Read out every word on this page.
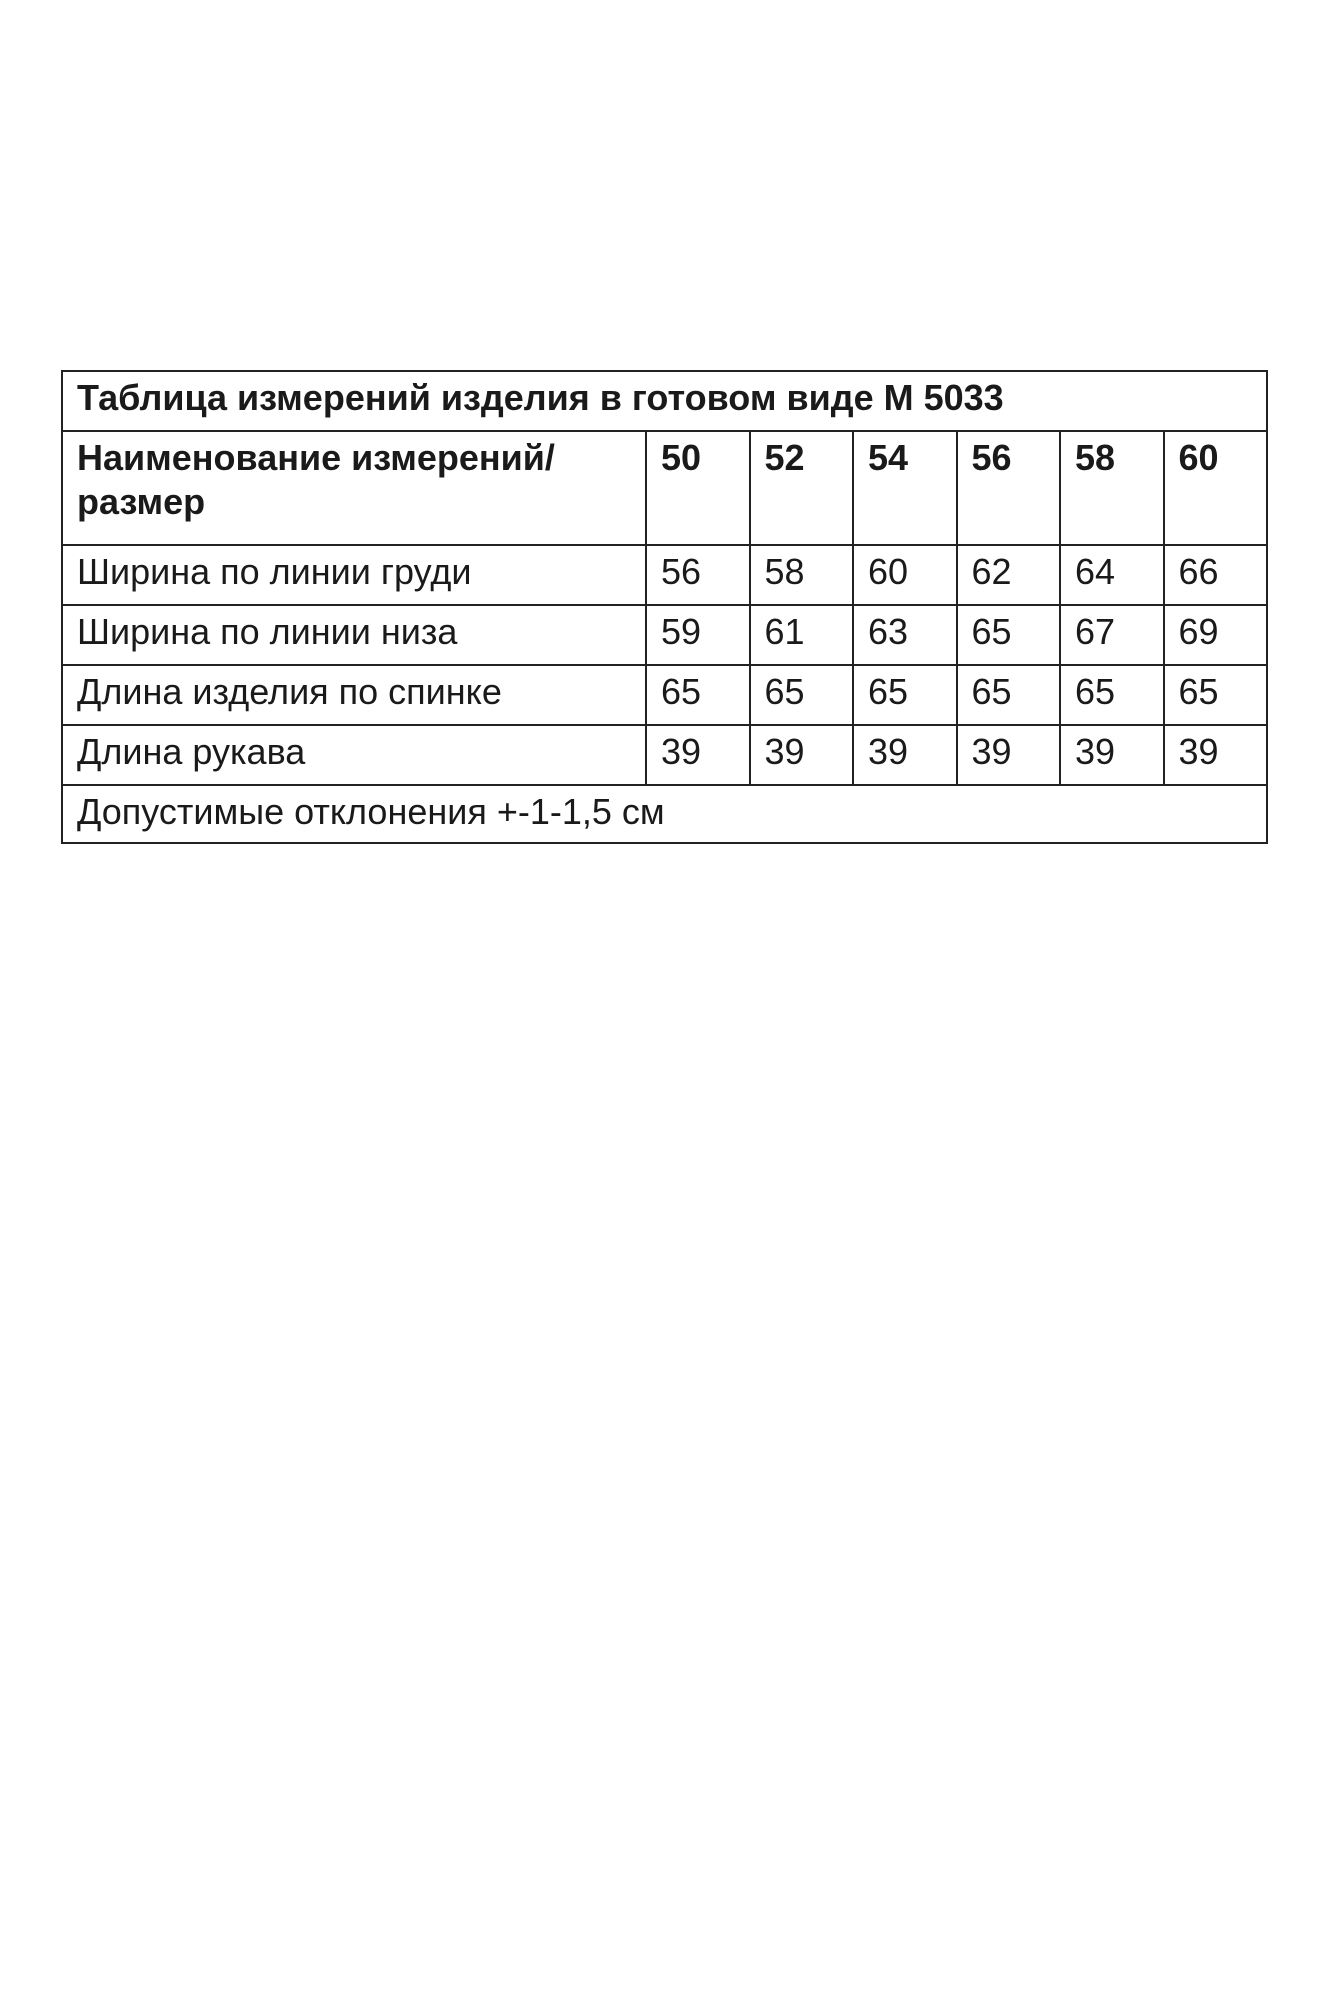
Таблица измерений изделия в готовом виде М 5033						
Наименование измерений/размер	50	52	54	56	58	60
Ширина по линии груди	56	58	60	62	64	66
Ширина по линии низа	59	61	63	65	67	69
Длина изделия по спинке	65	65	65	65	65	65
Длина рукава	39	39	39	39	39	39
Допустимые отклонения +-1-1,5 см						
